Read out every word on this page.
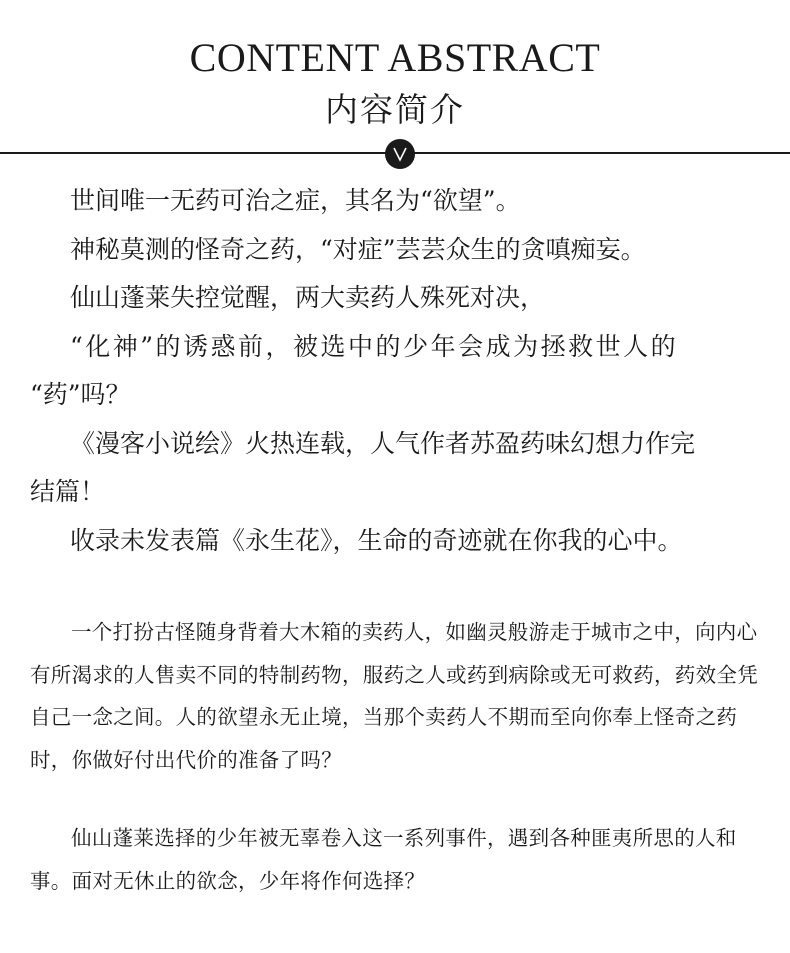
CONTENT ABSTRACT
内容简介

世间唯一无药可治之症，其名为“欲望”。

神秘莫测的怪奇之药，“对症”芸芸众生的贪嗔痴妄。

仙山蓬莱失控觉醒，两大卖药人殊死对决，

“化神”的诱惑前，被选中的少年会成为拯救世人的

“药”吗？

《漫客小说绘》火热连载，人气作者苏盈药味幻想力作完

结篇！

收录未发表篇《永生花》，生命的奇迹就在你我的心中。

一个打扮古怪随身背着大木箱的卖药人，如幽灵般游走于城市之中，向内心有所渴求的人售卖不同的特制药物，服药之人或药到病除或无可救药，药效全凭自己一念之间。人的欲望永无止境，当那个卖药人不期而至向你奉上怪奇之药时，你做好付出代价的准备了吗？

仙山蓬莱选择的少年被无辜卷入这一系列事件，遇到各种匪夷所思的人和事。面对无休止的欲念，少年将作何选择？
